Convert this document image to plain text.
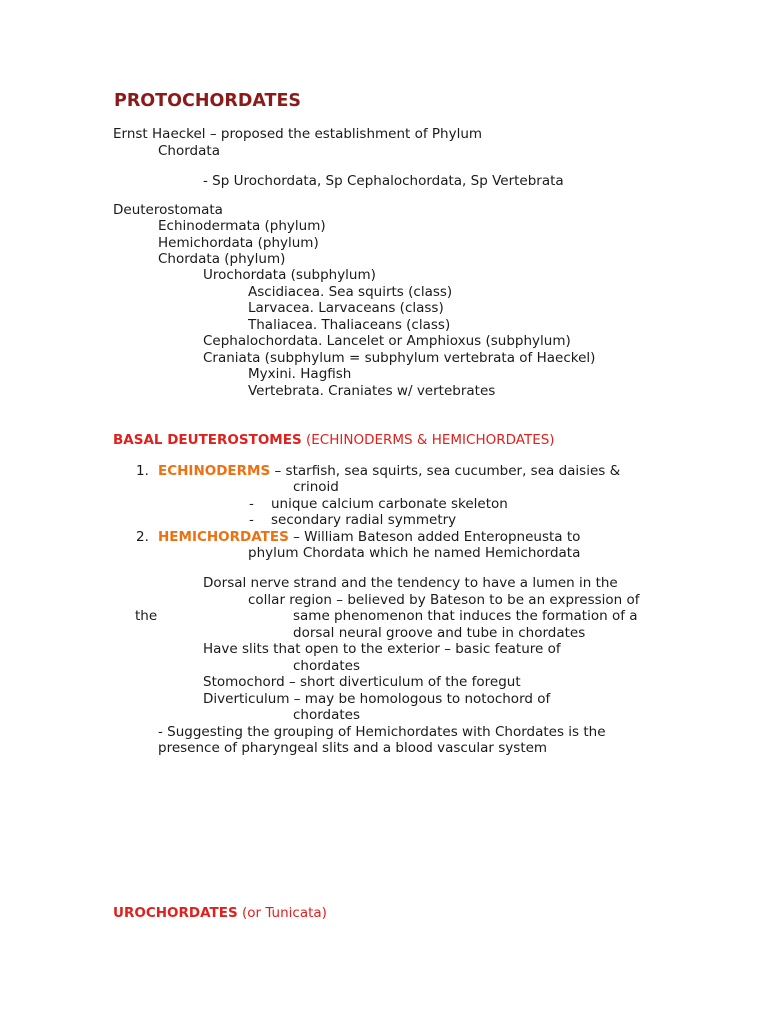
PROTOCHORDATES
Ernst Haeckel – proposed the establishment of Phylum
Chordata
- Sp Urochordata, Sp Cephalochordata, Sp Vertebrata
Deuterostomata
Echinodermata (phylum)
Hemichordata (phylum)
Chordata (phylum)
Urochordata (subphylum)
Ascidiacea. Sea squirts (class)
Larvacea. Larvaceans (class)
Thaliacea. Thaliaceans (class)
Cephalochordata. Lancelet or Amphioxus (subphylum)
Craniata (subphylum = subphylum vertebrata of Haeckel)
Myxini. Hagfish
Vertebrata. Craniates w/ vertebrates
BASAL DEUTEROSTOMES (ECHINODERMS & HEMICHORDATES)
1. ECHINODERMS – starfish, sea squirts, sea cucumber, sea daisies &
crinoid
- unique calcium carbonate skeleton
- secondary radial symmetry
2. HEMICHORDATES – William Bateson added Enteropneusta to
phylum Chordata which he named Hemichordata
Dorsal nerve strand and the tendency to have a lumen in the
collar region – believed by Bateson to be an expression of
the	same phenomenon that induces the formation of a
dorsal neural groove and tube in chordates
Have slits that open to the exterior – basic feature of
chordates
Stomochord – short diverticulum of the foregut
Diverticulum – may be homologous to notochord of
chordates
- Suggesting the grouping of Hemichordates with Chordates is the
presence of pharyngeal slits and a blood vascular system
UROCHORDATES (or Tunicata)
